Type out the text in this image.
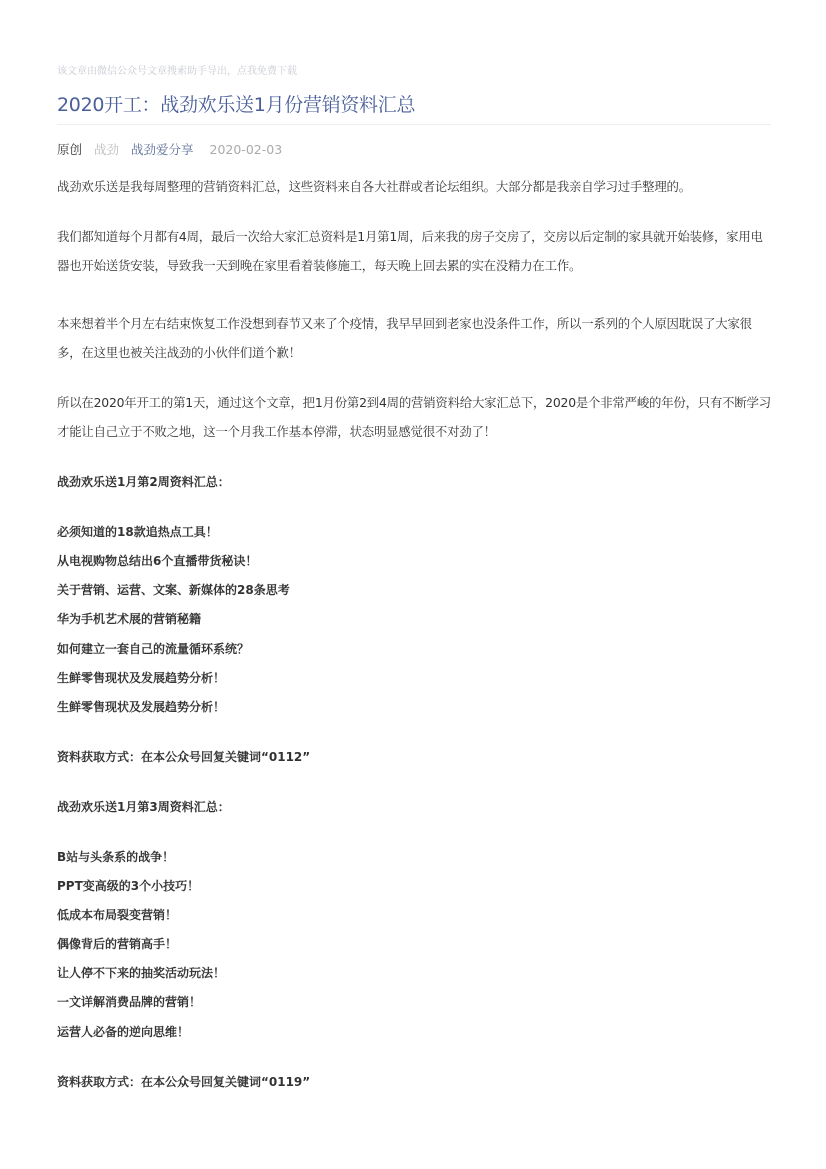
该文章由微信公众号文章搜索助手导出，点我免费下载
2020开工：战劲欢乐送1月份营销资料汇总
原创 战劲 战劲爱分享 2020-02-03

战劲欢乐送是我每周整理的营销资料汇总，这些资料来自各大社群或者论坛组织。大部分都是我亲自学习过手整理的。

我们都知道每个月都有4周，最后一次给大家汇总资料是1月第1周，后来我的房子交房了，交房以后定制的家具就开始装修，家用电器也开始送货安装，导致我一天到晚在家里看着装修施工，每天晚上回去累的实在没精力在工作。

本来想着半个月左右结束恢复工作没想到春节又来了个疫情，我早早回到老家也没条件工作，所以一系列的个人原因耽误了大家很多，在这里也被关注战劲的小伙伴们道个歉！

所以在2020年开工的第1天，通过这个文章，把1月份第2到4周的营销资料给大家汇总下，2020是个非常严峻的年份，只有不断学习才能让自己立于不败之地，这一个月我工作基本停滞，状态明显感觉很不对劲了！

战劲欢乐送1月第2周资料汇总：

必须知道的18款追热点工具！

从电视购物总结出6个直播带货秘诀！

关于营销、运营、文案、新媒体的28条思考

华为手机艺术展的营销秘籍

如何建立一套自己的流量循环系统？

生鲜零售现状及发展趋势分析！

生鲜零售现状及发展趋势分析！

资料获取方式：在本公众号回复关键词“0112”

战劲欢乐送1月第3周资料汇总：

B站与头条系的战争！

PPT变高级的3个小技巧！

低成本布局裂变营销！

偶像背后的营销高手！

让人停不下来的抽奖活动玩法！

一文详解消费品牌的营销！

运营人必备的逆向思维！

资料获取方式：在本公众号回复关键词“0119”
